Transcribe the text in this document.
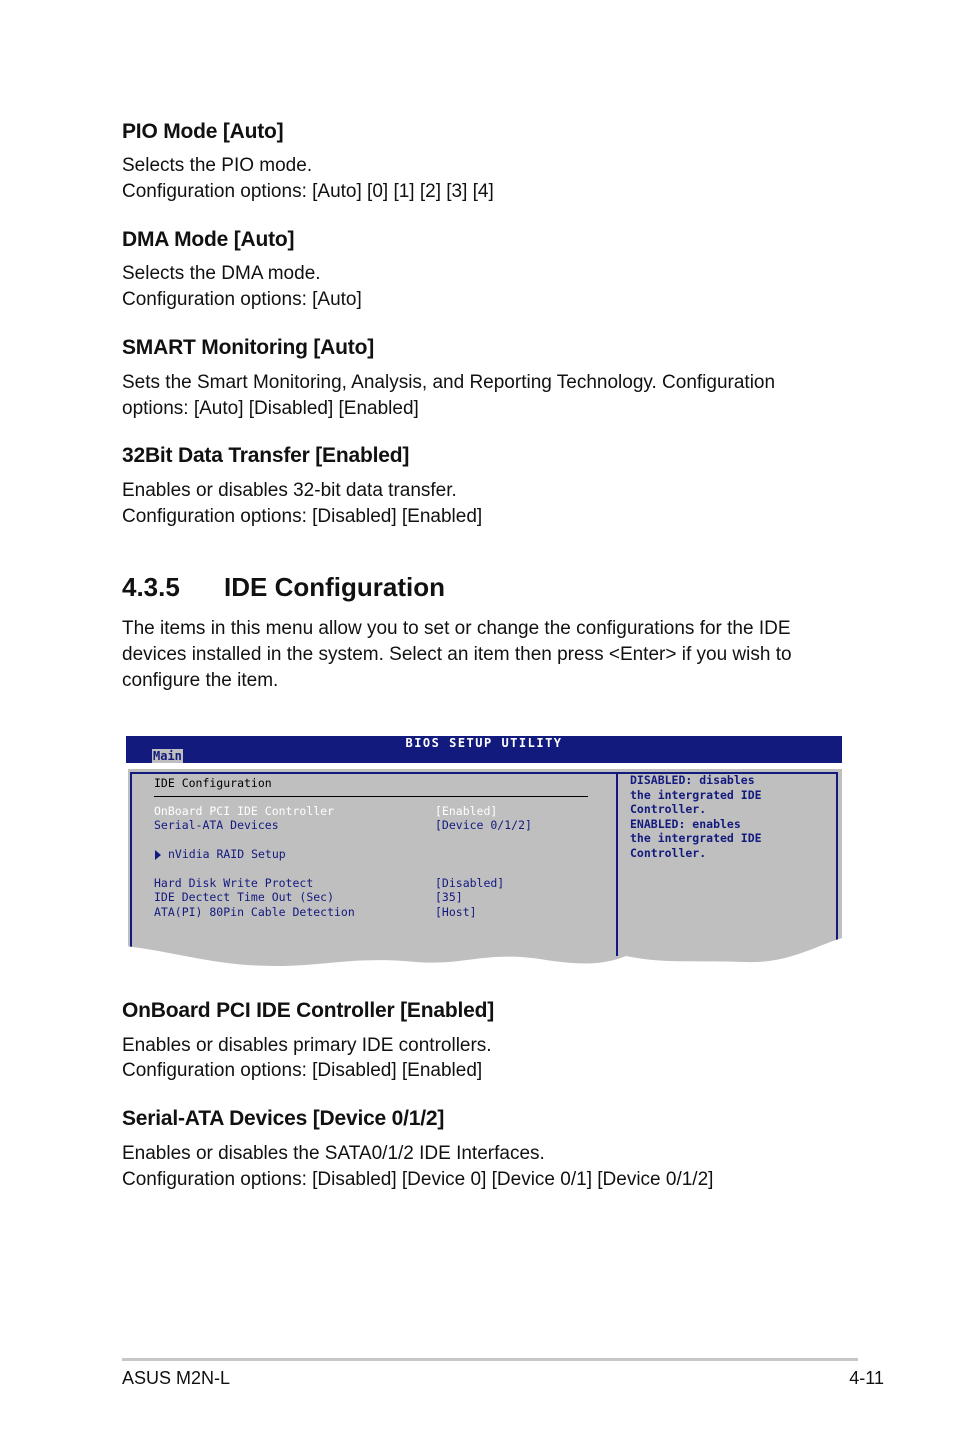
PIO Mode [Auto]
Selects the PIO mode.
Configuration options: [Auto] [0] [1] [2] [3] [4]
DMA Mode [Auto]
Selects the DMA mode.
Configuration options: [Auto]
SMART Monitoring [Auto]
Sets the Smart Monitoring, Analysis, and Reporting Technology. Configuration
options: [Auto] [Disabled] [Enabled]
32Bit Data Transfer [Enabled]
Enables or disables 32-bit data transfer.
Configuration options: [Disabled] [Enabled]
4.3.5 IDE Configuration
The items in this menu allow you to set or change the configurations for the IDE
devices installed in the system. Select an item then press <Enter> if you wish to
configure the item.
BIOS SETUP UTILITY
Main
IDE Configuration
OnBoard PCI IDE Controller	[Enabled]
Serial-ATA Devices	[Device 0/1/2]
nVidia RAID Setup
Hard Disk Write Protect	[Disabled]
IDE Dectect Time Out (Sec)	[35]
ATA(PI) 80Pin Cable Detection	[Host]
DISABLED: disables
the intergrated IDE
Controller.
ENABLED: enables
the intergrated IDE
Controller.
OnBoard PCI IDE Controller [Enabled]
Enables or disables primary IDE controllers.
Configuration options: [Disabled] [Enabled]
Serial-ATA Devices [Device 0/1/2]
Enables or disables the SATA0/1/2 IDE Interfaces.
Configuration options: [Disabled] [Device 0] [Device 0/1] [Device 0/1/2]
ASUS M2N-L	4-11
